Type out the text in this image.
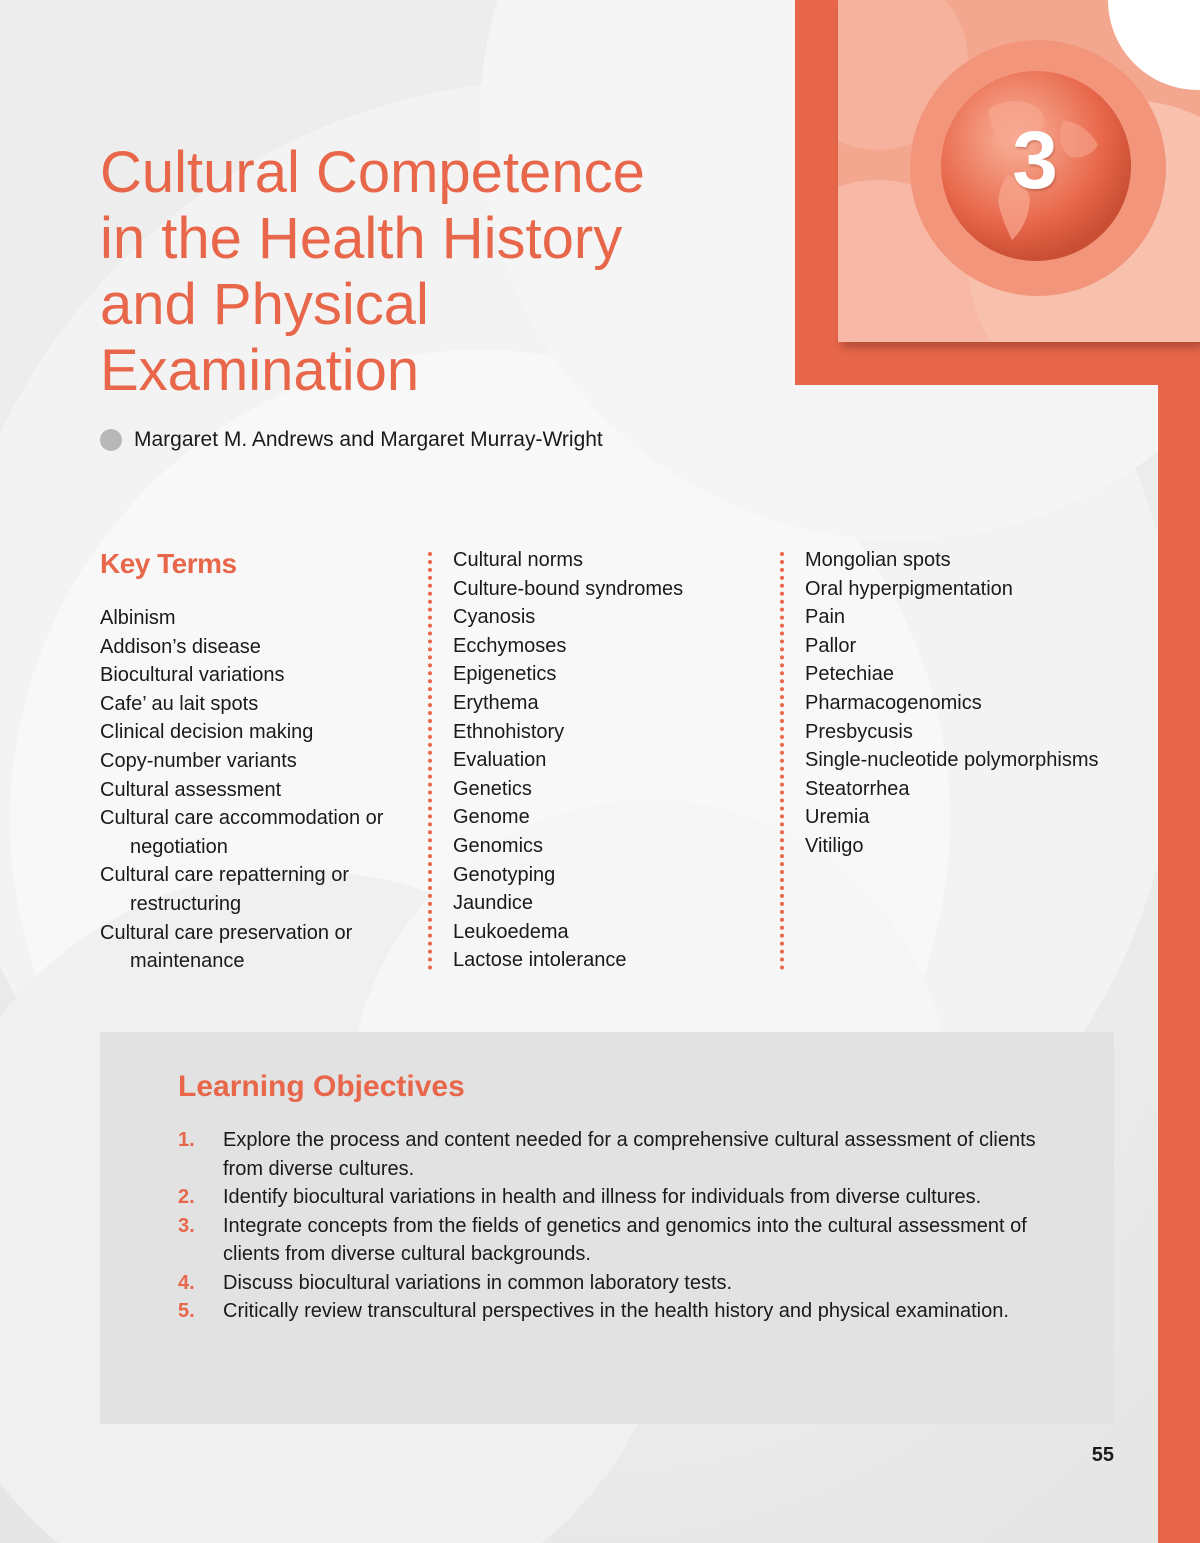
3
Cultural Competence
in the Health History
and Physical
Examination
Margaret M. Andrews and Margaret Murray-Wright
Key Terms
Albinism
Addison’s disease
Biocultural variations
Cafe’ au lait spots
Clinical decision making
Copy-number variants
Cultural assessment
Cultural care accommodation or negotiation
Cultural care repatterning or restructuring
Cultural care preservation or maintenance
Cultural norms
Culture-bound syndromes
Cyanosis
Ecchymoses
Epigenetics
Erythema
Ethnohistory
Evaluation
Genetics
Genome
Genomics
Genotyping
Jaundice
Leukoedema
Lactose intolerance
Mongolian spots
Oral hyperpigmentation
Pain
Pallor
Petechiae
Pharmacogenomics
Presbycusis
Single-nucleotide polymorphisms
Steatorrhea
Uremia
Vitiligo
Learning Objectives
1. Explore the process and content needed for a comprehensive cultural assessment of clients from diverse cultures.
2. Identify biocultural variations in health and illness for individuals from diverse cultures.
3. Integrate concepts from the fields of genetics and genomics into the cultural assessment of clients from diverse cultural backgrounds.
4. Discuss biocultural variations in common laboratory tests.
5. Critically review transcultural perspectives in the health history and physical examination.
55
